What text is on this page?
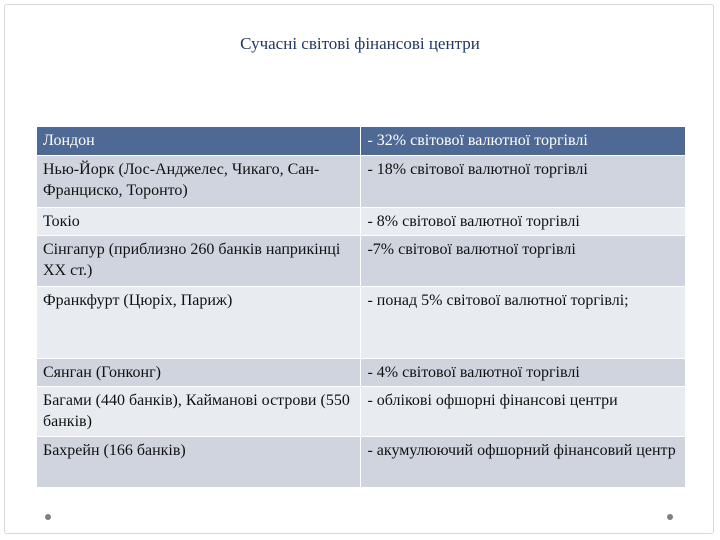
Сучасні світові фінансові центри
Лондон	- 32% світової валютної торгівлі
Нью-Йорк (Лос-Анджелес, Чикаго, Сан-Франциско, Торонто)	- 18% світової валютної торгівлі
Токіо	- 8% світової валютної торгівлі
Сінгапур (приблизно 260 банків наприкінці XX ст.)	-7% світової валютної торгівлі
Франкфурт (Цюріх, Париж)	- понад 5% світової валютної торгівлі;
Сянган (Гонконг)	- 4% світової валютної торгівлі
Багами (440 банків), Кайманові острови (550 банків)	- облікові офшорні фінансові центри
Бахрейн (166 банків)	- акумулюючий офшорний фінансовий центр
